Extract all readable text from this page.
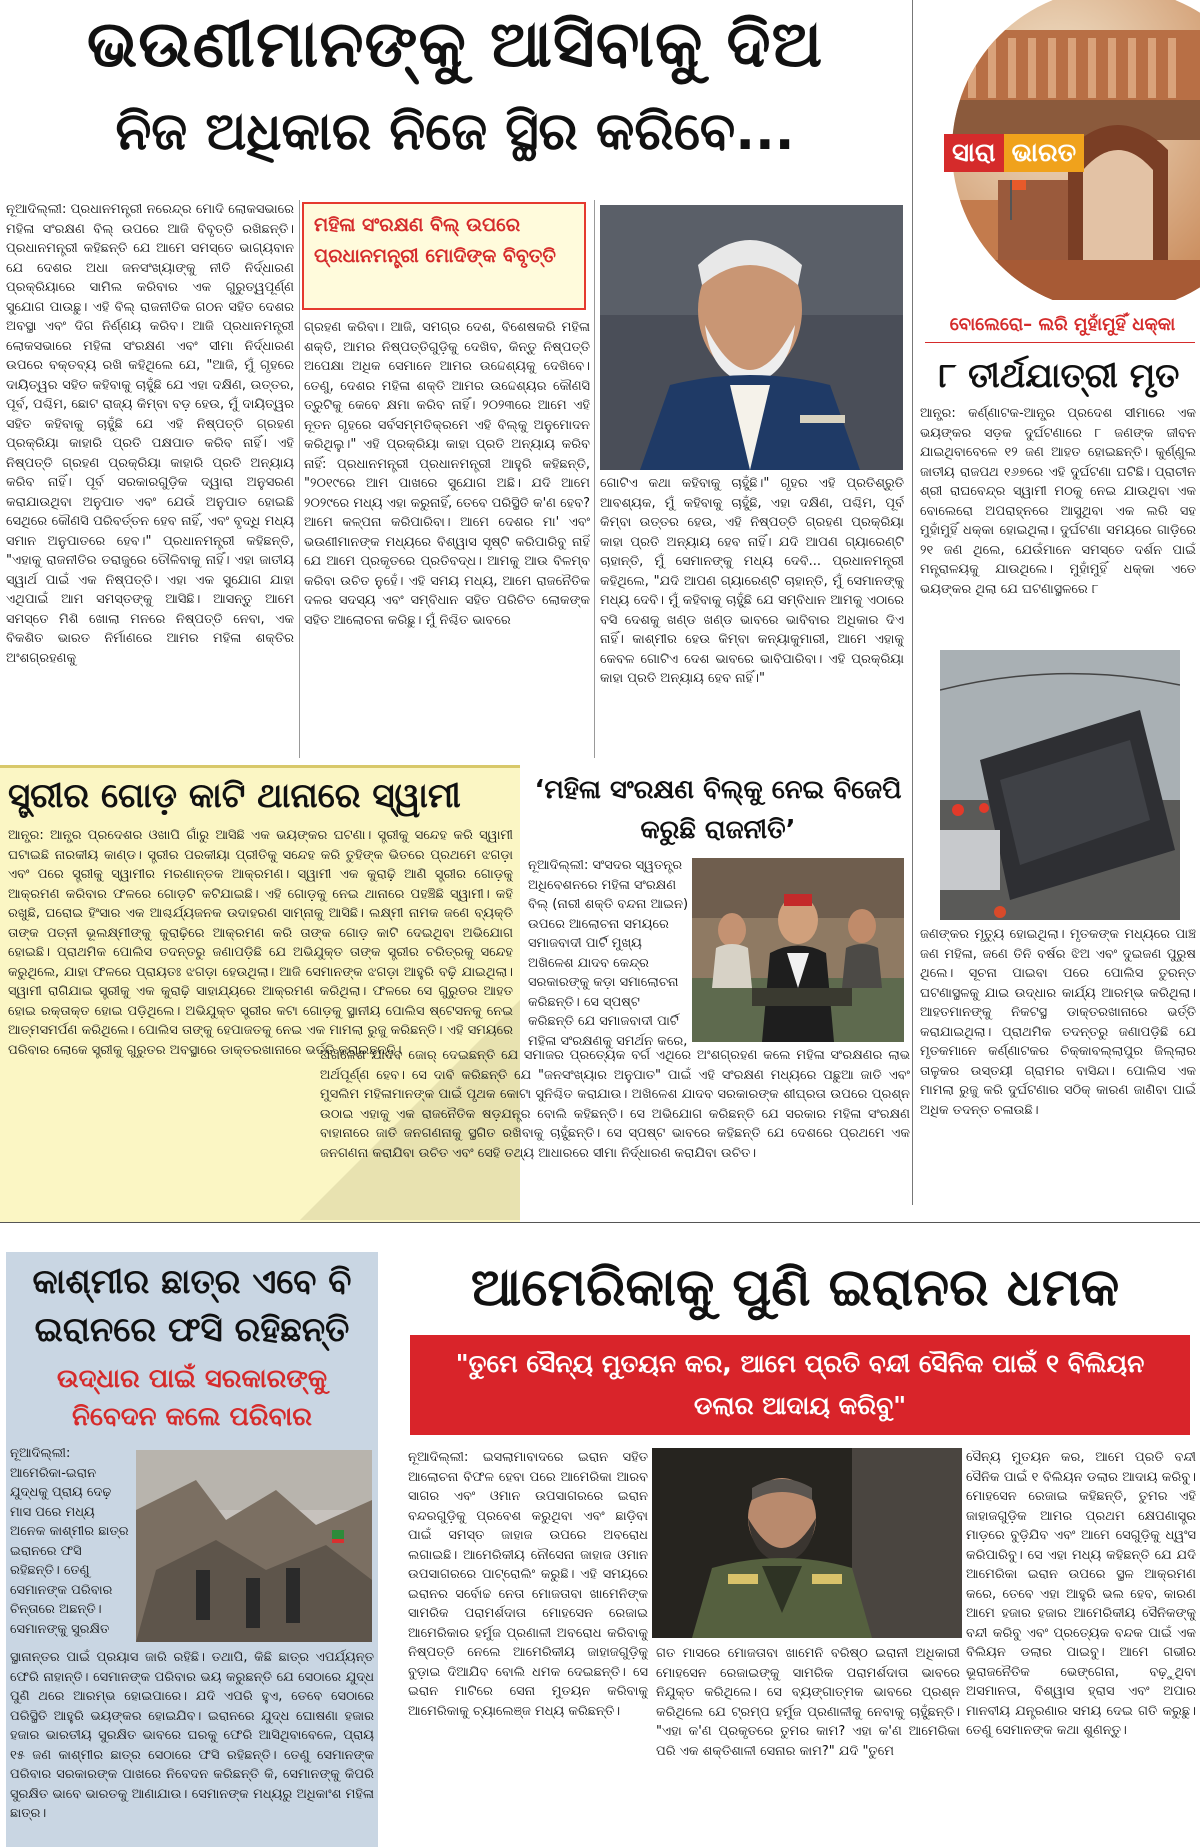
ଭଉଣୀମାନଙ୍କୁ ଆସିବାକୁ ଦିଅ
ନିଜ ଅଧିକାର ନିଜେ ସ୍ଥିର କରିବେ...	ସାରା ଭାରତ
ନୂଆଦିଲ୍ଲୀ: ପ୍ରଧାନମନ୍ତ୍ରୀ ନରେନ୍ଦ୍ର ମୋଦି ଲୋକସଭାରେ ମହିଳା ସଂରକ୍ଷଣ ବିଲ୍ ଉପରେ ଆଜି ବିବୃତ୍ତି ରଖିଛନ୍ତି। ପ୍ରଧାନମନ୍ତ୍ରୀ କହିଛନ୍ତି ଯେ ଆମେ ସମସ୍ତେ ଭାଗ୍ୟବାନ ଯେ ଦେଶର ଅଧା ଜନସଂଖ୍ୟାଙ୍କୁ ନୀତି ନିର୍ଦ୍ଧାରଣ ପ୍ରକ୍ରିୟାରେ ସାମିଲ କରିବାର ଏକ ଗୁରୁତ୍ୱପୂର୍ଣ୍ଣ ସୁଯୋଗ ପାଉଛୁ। ଏହି ବିଲ୍ ରାଜନୀତିକ ଗଠନ ସହିତ ଦେଶର ଅବସ୍ଥା ଏବଂ ଦିଗ ନିର୍ଣ୍ଣୟ କରିବ। ଆଜି ପ୍ରଧାନମନ୍ତ୍ରୀ ଲୋକସଭାରେ ମହିଳା ସଂରକ୍ଷଣ ଏବଂ ସୀମା ନିର୍ଦ୍ଧାରଣ ଉପରେ ବକ୍ତବ୍ୟ ରଖି କହିଥିଲେ ଯେ, "ଆଜି, ମୁଁ ଗୃହରେ ଦାୟିତ୍ୱର ସହିତ କହିବାକୁ ଚାହୁଁଛି ଯେ ଏହା ଦକ୍ଷିଣ, ଉତ୍ତର, ପୂର୍ବ, ପଶ୍ଚିମ, ଛୋଟ ରାଜ୍ୟ କିମ୍ବା ବଡ଼ ହେଉ, ମୁଁ ଦାୟିତ୍ୱର ସହିତ କହିବାକୁ ଚାହୁଁଛି ଯେ ଏହି ନିଷ୍ପତ୍ତି ଗ୍ରହଣ ପ୍ରକ୍ରିୟା କାହାରି ପ୍ରତି ପକ୍ଷପାତ କରିବ ନାହିଁ। ଏହି ନିଷ୍ପତ୍ତି ଗ୍ରହଣ ପ୍ରକ୍ରିୟା କାହାରି ପ୍ରତି ଅନ୍ୟାୟ କରିବ ନାହିଁ। ପୂର୍ବ ସରକାରଗୁଡ଼ିକ ଦ୍ୱାରା ଅନୁସରଣ କରାଯାଉଥିବା ଅନୁପାତ ଏବଂ ଯେଉଁ ଅନୁପାତ ହୋଇଛି ସେଥିରେ କୌଣସି ପରିବର୍ତ୍ତନ ହେବ ନାହିଁ, ଏବଂ ବୃଦ୍ଧି ମଧ୍ୟ ସମାନ ଅନୁପାତରେ ହେବ।" ପ୍ରଧାନମନ୍ତ୍ରୀ କହିଛନ୍ତି, "ଏହାକୁ ରାଜନୀତିର ତରାଜୁରେ ତୌଳିବାକୁ ନାହିଁ। ଏହା ଜାତୀୟ ସ୍ୱାର୍ଥ ପାଇଁ ଏକ ନିଷ୍ପତ୍ତି। ଏହା ଏକ ସୁଯୋଗ ଯାହା ଏଥିପାଇଁ ଆମ ସମସ୍ତଙ୍କୁ ଆସିଛି। ଆସନ୍ତୁ ଆମେ ସମସ୍ତେ ମିଶି ଖୋଲା ମନରେ ନିଷ୍ପତ୍ତି ନେବା, ଏକ ବିକଶିତ ଭାରତ ନିର୍ମାଣରେ ଆମର ମହିଳା ଶକ୍ତିର ଅଂଶଗ୍ରହଣକୁ
ମହିଳା ସଂରକ୍ଷଣ ବିଲ୍ ଉପରେ ପ୍ରଧାନମନ୍ତ୍ରୀ ମୋଦିଙ୍କ ବିବୃତ୍ତି
ଗ୍ରହଣ କରିବା। ଆଜି, ସମଗ୍ର ଦେଶ, ବିଶେଷକରି ମହିଳା ଶକ୍ତି, ଆମର ନିଷ୍ପତ୍ତିଗୁଡ଼ିକୁ ଦେଖିବ, କିନ୍ତୁ ନିଷ୍ପତ୍ତି ଅପେକ୍ଷା ଅଧିକ ସେମାନେ ଆମର ଉଦ୍ଦେଶ୍ୟକୁ ଦେଖିବେ। ତେଣୁ, ଦେଶର ମହିଳା ଶକ୍ତି ଆମର ଉଦ୍ଦେଶ୍ୟର କୌଣସି ତ୍ରୁଟିକୁ କେବେ କ୍ଷମା କରିବ ନାହିଁ। ୨୦୨୩ରେ ଆମେ ଏହି ନୂତନ ଗୃହରେ ସର୍ବସମ୍ମତିକ୍ରମେ ଏହି ବିଲ୍‌କୁ ଅନୁମୋଦନ କରିଥିଲୁ।" ଏହି ପ୍ରକ୍ରିୟା କାହା ପ୍ରତି ଅନ୍ୟାୟ କରିବ ନାହିଁ: ପ୍ରଧାନମନ୍ତ୍ରୀ ପ୍ରଧାନମନ୍ତ୍ରୀ ଆହୁରି କହିଛନ୍ତି, "୨୦୧୯ରେ ଆମ ପାଖରେ ସୁଯୋଗ ଅଛି। ଯଦି ଆମେ ୨୦୨୯ରେ ମଧ୍ୟ ଏହା କରୁନାହିଁ, ତେବେ ପରିସ୍ଥିତି କ'ଣ ହେବ? ଆମେ କଳ୍ପନା କରିପାରିବା। ଆମେ ଦେଶର ମା' ଏବଂ ଭଉଣୀମାନଙ୍କ ମଧ୍ୟରେ ବିଶ୍ୱାସ ସୃଷ୍ଟି କରିପାରିବୁ ନାହିଁ ଯେ ଆମେ ପ୍ରକୃତରେ ପ୍ରତିବଦ୍ଧ। ଆମକୁ ଆଉ ବିଳମ୍ବ କରିବା ଉଚିତ ନୁହେଁ। ଏହି ସମୟ ମଧ୍ୟ, ଆମେ ରାଜନୈତିକ ଦଳର ସଦସ୍ୟ ଏବଂ ସମ୍ବିଧାନ ସହିତ ପରିଚିତ ଲୋକଙ୍କ ସହିତ ଆଲୋଚନା କରିଛୁ। ମୁଁ ନିଶ୍ଚିତ ଭାବରେ
ଗୋଟିଏ କଥା କହିବାକୁ ଚାହୁଁଛି।" ଗୃହର ଏହି ପ୍ରତିଶ୍ରୁତି ଆବଶ୍ୟକ, ମୁଁ କହିବାକୁ ଚାହୁଁଛି, ଏହା ଦକ୍ଷିଣ, ପଶ୍ଚିମ, ପୂର୍ବ କିମ୍ବା ଉତ୍ତର ହେଉ, ଏହି ନିଷ୍ପତ୍ତି ଗ୍ରହଣ ପ୍ରକ୍ରିୟା କାହା ପ୍ରତି ଅନ୍ୟାୟ ହେବ ନାହିଁ। ଯଦି ଆପଣ ଗ୍ୟାରେଣ୍ଟି ଚାହାନ୍ତି, ମୁଁ ସେମାନଙ୍କୁ ମଧ୍ୟ ଦେବି... ପ୍ରଧାନମନ୍ତ୍ରୀ କହିଥିଲେ, "ଯଦି ଆପଣ ଗ୍ୟାରେଣ୍ଟି ଚାହାନ୍ତି, ମୁଁ ସେମାନଙ୍କୁ ମଧ୍ୟ ଦେବି। ମୁଁ କହିବାକୁ ଚାହୁଁଛି ଯେ ସମ୍ବିଧାନ ଆମକୁ ଏଠାରେ ବସି ଦେଶକୁ ଖଣ୍ଡ ଖଣ୍ଡ ଭାବରେ ଭାବିବାର ଅଧିକାର ଦିଏ ନାହିଁ। କାଶ୍ମୀର ହେଉ କିମ୍ବା କନ୍ୟାକୁମାରୀ, ଆମେ ଏହାକୁ କେବଳ ଗୋଟିଏ ଦେଶ ଭାବରେ ଭାବିପାରିବା। ଏହି ପ୍ରକ୍ରିୟା କାହା ପ୍ରତି ଅନ୍ୟାୟ ହେବ ନାହିଁ।"
ବୋଲେରୋ– ଲରି ମୁହାଁମୁହିଁ ଧକ୍କା
୮ ତୀର୍ଥଯାତ୍ରୀ ମୃତ
ଆନ୍ଧ୍ର: କର୍ଣ୍ଣାଟକ-ଆନ୍ଧ୍ର ପ୍ରଦେଶ ସୀମାରେ ଏକ ଭୟଙ୍କର ସଡ଼କ ଦୁର୍ଘଟଣାରେ ୮ ଜଣଙ୍କ ଜୀବନ ଯାଇଥିବାବେଳେ ୧୨ ଜଣ ଆହତ ହୋଇଛନ୍ତି। କୁର୍ଣ୍ଣୁଲ ଜାତୀୟ ରାଜପଥ ୧୬୭ରେ ଏହି ଦୁର୍ଘଟଣା ଘଟିଛି। ପ୍ରାଚୀନ ଶ୍ରୀ ରାଘବେନ୍ଦ୍ର ସ୍ୱାମୀ ମଠକୁ ନେଇ ଯାଉଥିବା ଏକ ବୋଲେରୋ ଅପରାହ୍ନରେ ଆସୁଥିବା ଏକ ଲରି ସହ ମୁହାଁମୁହିଁ ଧକ୍କା ହୋଇଥିଲା। ଦୁର୍ଘଟଣା ସମୟରେ ଗାଡ଼ିରେ ୨୧ ଜଣ ଥିଲେ, ଯେଉଁମାନେ ସମସ୍ତେ ଦର୍ଶନ ପାଇଁ ମନ୍ତ୍ରାଳୟକୁ ଯାଉଥିଲେ। ମୁହାଁମୁହିଁ ଧକ୍କା ଏତେ ଭୟଙ୍କର ଥିଲା ଯେ ଘଟଣାସ୍ଥଳରେ ୮
ଜଣଙ୍କର ମୃତ୍ୟୁ ହୋଇଥିଲା। ମୃତକଙ୍କ ମଧ୍ୟରେ ପାଞ୍ଚ ଜଣ ମହିଳା, ଜଣେ ତିନି ବର୍ଷର ଝିଅ ଏବଂ ଦୁଇଜଣ ପୁରୁଷ ଥିଲେ। ସୂଚନା ପାଇବା ପରେ ପୋଲିସ ତୁରନ୍ତ ଘଟଣାସ୍ଥଳକୁ ଯାଇ ଉଦ୍ଧାର କାର୍ଯ୍ୟ ଆରମ୍ଭ କରିଥିଲା। ଆହତମାନଙ୍କୁ ନିକଟସ୍ଥ ଡାକ୍ତରଖାନାରେ ଭର୍ତ୍ତି କରାଯାଇଥିଲା। ପ୍ରାଥମିକ ତଦନ୍ତରୁ ଜଣାପଡ଼ିଛି ଯେ ମୃତକମାନେ କର୍ଣ୍ଣାଟକର ଚିକ୍କାବଲ୍ଲାପୁର ଜିଲ୍ଲାର ତାଳୁକର ଉସ୍ତୟୀ ଗ୍ରାମର ବାସିନ୍ଦା। ପୋଲିସ ଏକ ମାମଲା ରୁଜୁ କରି ଦୁର୍ଘଟଣାର ସଠିକ୍ କାରଣ ଜାଣିବା ପାଇଁ ଅଧିକ ତଦନ୍ତ ଚଳାଉଛି।
ସ୍ତ୍ରୀର ଗୋଡ଼ କାଟି ଥାନାରେ ସ୍ୱାମୀ
ଆନ୍ଧ୍ର: ଆନ୍ଧ୍ର ପ୍ରଦେଶର ଓଖାପି ଗାଁରୁ ଆସିଛି ଏକ ଭୟଙ୍କର ଘଟଣା। ସ୍ତ୍ରୀକୁ ସନ୍ଦେହ କରି ସ୍ୱାମୀ ଘଟାଇଛି ନାରକୀୟ କାଣ୍ଡ। ସ୍ତ୍ରୀର ପରକୀୟା ପ୍ରୀତିକୁ ସନ୍ଦେହ କରି ତୁହିଙ୍କ ଭିତରେ ପ୍ରଥମେ ଝଗଡ଼ା ଏବଂ ପରେ ସ୍ତ୍ରୀକୁ ସ୍ୱାମୀର ମରଣାନ୍ତକ ଆକ୍ରମଣ। ସ୍ୱାମୀ ଏକ କୁରାଢ଼ି ଆଣି ସ୍ତ୍ରୀର ଗୋଡ଼କୁ ଆକ୍ରମଣ କରିବାର ଫଳରେ ଗୋଡ଼ଟି କଟିଯାଇଛି। ଏହି ଗୋଡ଼କୁ ନେଇ ଥାନାରେ ପହଞ୍ଚିଛି ସ୍ୱାମୀ। କହି ରଖୁଛି, ଘରୋଇ ହିଂସାର ଏକ ଆଶ୍ଚର୍ଯ୍ୟଜନକ ଉଦାହରଣ ସାମ୍ନାକୁ ଆସିଛି। ଲକ୍ଷ୍ମୀ ନାମକ ଜଣେ ବ୍ୟକ୍ତି ତାଙ୍କ ପତ୍ନୀ ଭୂଲକ୍ଷ୍ମୀଙ୍କୁ କୁରାଢ଼ିରେ ଆକ୍ରମଣ କରି ତାଙ୍କ ଗୋଡ଼ କାଟି ଦେଇଥିବା ଅଭିଯୋଗ ହୋଇଛି। ପ୍ରାଥମିକ ପୋଲିସ ତଦନ୍ତରୁ ଜଣାପଡ଼ିଛି ଯେ ଅଭିଯୁକ୍ତ ତାଙ୍କ ସ୍ତ୍ରୀର ଚରିତ୍ରକୁ ସନ୍ଦେହ କରୁଥିଲେ, ଯାହା ଫଳରେ ପ୍ରାୟତଃ ଝଗଡ଼ା ହେଉଥିଲା। ଆଜି ସେମାନଙ୍କ ଝଗଡ଼ା ଆହୁରି ବଢ଼ି ଯାଇଥିଲା। ସ୍ୱାମୀ ରାଗିଯାଇ ସ୍ତ୍ରୀକୁ ଏକ କୁରାଢ଼ି ସାହାଯ୍ୟରେ ଆକ୍ରମଣ କରିଥିଲା। ଫଳରେ ସେ ଗୁରୁତର ଆହତ ହୋଇ ରକ୍ତାକ୍ତ ହୋଇ ପଡ଼ିଥିଲେ। ଅଭିଯୁକ୍ତ ସ୍ତ୍ରୀର କଟା ଗୋଡ଼କୁ ସ୍ଥାନୀୟ ପୋଲିସ ଷ୍ଟେସନକୁ ନେଇ ଆତ୍ମସମର୍ପଣ କରିଥିଲେ। ପୋଲିସ ତାଙ୍କୁ ହେପାଜତକୁ ନେଇ ଏକ ମାମଲା ରୁଜୁ କରିଛନ୍ତି। ଏହି ସମୟରେ ପରିବାର ଲୋକେ ସ୍ତ୍ରୀକୁ ଗୁରୁତର ଅବସ୍ଥାରେ ଡାକ୍ତରଖାନାରେ ଭର୍ତ୍ତି କରାଇଛନ୍ତି।
‘ମହିଳା ସଂରକ୍ଷଣ ବିଲ୍‌କୁ ନେଇ ବିଜେପି କରୁଛି ରାଜନୀତି’
ନୂଆଦିଲ୍ଲୀ: ସଂସଦର ସ୍ୱତନ୍ତ୍ର ଅଧିବେଶନରେ ମହିଳା ସଂରକ୍ଷଣ ବିଲ୍ (ନାରୀ ଶକ୍ତି ବନ୍ଦନା ଆଇନ) ଉପରେ ଆଲୋଚନା ସମୟରେ ସମାଜବାଦୀ ପାର୍ଟି ମୁଖ୍ୟ ଅଖିଳେଶ ଯାଦବ କେନ୍ଦ୍ର ସରକାରଙ୍କୁ କଡ଼ା ସମାଲୋଚନା କରିଛନ୍ତି। ସେ ସ୍ପଷ୍ଟ କରିଛନ୍ତି ଯେ ସମାଜବାଦୀ ପାର୍ଟି ମହିଳା ସଂରକ୍ଷଣକୁ ସମର୍ଥନ କରେ,
ଅଖିଳେଶ ଯାଦବ ଜୋର୍ ଦେଇଛନ୍ତି ଯେ ସମାଜର ପ୍ରତ୍ୟେକ ବର୍ଗ ଏଥିରେ ଅଂଶଗ୍ରହଣ କଲେ ମହିଳା ସଂରକ୍ଷଣର ଲାଭ ଅର୍ଥପୂର୍ଣ୍ଣ ହେବ। ସେ ଦାବି କରିଛନ୍ତି ଯେ "ଜନସଂଖ୍ୟାର ଅନୁପାତ" ପାଇଁ ଏହି ସଂରକ୍ଷଣ ମଧ୍ୟରେ ପଛୁଆ ଜାତି ଏବଂ ମୁସଲିମ ମହିଳାମାନଙ୍କ ପାଇଁ ପୃଥକ କୋଟା ସୁନିଶ୍ଚିତ କରାଯାଉ। ଅଖିଳେଶ ଯାଦବ ସରକାରଙ୍କ ଶୀଘ୍ରତା ଉପରେ ପ୍ରଶ୍ନ ଉଠାଇ ଏହାକୁ ଏକ ରାଜନୈତିକ ଷଡ଼ଯନ୍ତ୍ର ବୋଲି କହିଛନ୍ତି। ସେ ଅଭିଯୋଗ କରିଛନ୍ତି ଯେ ସରକାର ମହିଳା ସଂରକ୍ଷଣ ବାହାନାରେ ଜାତି ଜନଗଣନାକୁ ସ୍ଥଗିତ ରଖିବାକୁ ଚାହୁଁଛନ୍ତି। ସେ ସ୍ପଷ୍ଟ ଭାବରେ କହିଛନ୍ତି ଯେ ଦେଶରେ ପ୍ରଥମେ ଏକ ଜନଗଣନା କରାଯିବା ଉଚିତ ଏବଂ ସେହି ତଥ୍ୟ ଆଧାରରେ ସୀମା ନିର୍ଦ୍ଧାରଣ କରାଯିବା ଉଚିତ।
କାଶ୍ମୀର ଛାତ୍ର ଏବେ ବି
ଇରାନରେ ଫସି ରହିଛନ୍ତି
ଉଦ୍ଧାର ପାଇଁ ସରକାରଙ୍କୁ
ନିବେଦନ କଲେ ପରିବାର
ନୂଆଦିଲ୍ଲୀ: ଆମେରିକା-ଇରାନ ଯୁଦ୍ଧକୁ ପ୍ରାୟ ଦେଢ଼ ମାସ ପରେ ମଧ୍ୟ ଅନେକ କାଶ୍ମୀର ଛାତ୍ର ଇରାନରେ ଫସି ରହିଛନ୍ତି। ତେଣୁ ସେମାନଙ୍କ ପରିବାର ଚିନ୍ତାରେ ଅଛନ୍ତି। ସେମାନଙ୍କୁ ସୁରକ୍ଷିତ
ସ୍ଥାନାନ୍ତର ପାଇଁ ପ୍ରୟାସ ଜାରି ରହିଛି। ତଥାପି, କିଛି ଛାତ୍ର ଏପର୍ଯ୍ୟନ୍ତ ଫେରି ନାହାନ୍ତି। ସେମାନଙ୍କ ପରିବାର ଭୟ କରୁଛନ୍ତି ଯେ ସେଠାରେ ଯୁଦ୍ଧ ପୁଣି ଥରେ ଆରମ୍ଭ ହୋଇପାରେ। ଯଦି ଏପରି ହୁଏ, ତେବେ ସେଠାରେ ପରିସ୍ଥିତି ଆହୁରି ଭୟଙ୍କର ହୋଇଯିବ। ଇରାନରେ ଯୁଦ୍ଧ ଘୋଷଣା ହଜାର ହଜାର ଭାରତୀୟ ସୁରକ୍ଷିତ ଭାବରେ ଘରକୁ ଫେରି ଆସିଥିବାବେଳେ, ପ୍ରାୟ ୧୫ ଜଣ କାଶ୍ମୀର ଛାତ୍ର ସେଠାରେ ଫସି ରହିଛନ୍ତି। ତେଣୁ ସେମାନଙ୍କ ପରିବାର ସରକାରଙ୍କ ପାଖରେ ନିବେଦନ କରିଛନ୍ତି କି, ସେମାନଙ୍କୁ କିପରି ସୁରକ୍ଷିତ ଭାବେ ଭାରତକୁ ଆଣାଯାଉ। ସେମାନଙ୍କ ମଧ୍ୟରୁ ଅଧିକାଂଶ ମହିଳା ଛାତ୍ର।
ଆମେରିକାକୁ ପୁଣି ଇରାନର ଧମକ
"ତୁମେ ସୈନ୍ୟ ମୁତୟନ କର, ଆମେ ପ୍ରତି ବନ୍ଦୀ ସୈନିକ ପାଇଁ ୧ ବିଲିୟନ ଡଲାର ଆଦାୟ କରିବୁ"
ନୂଆଦିଲ୍ଲୀ: ଇସଲାମାବାଦରେ ଇରାନ ସହିତ ଆଲୋଚନା ବିଫଳ ହେବା ପରେ ଆମେରିକା ଆରବ ସାଗର ଏବଂ ଓମାନ ଉପସାଗରରେ ଇରାନ ବନ୍ଦରଗୁଡ଼ିକୁ ପ୍ରବେଶ କରୁଥିବା ଏବଂ ଛାଡ଼ିବା ପାଇଁ ସମସ୍ତ ଜାହାଜ ଉପରେ ଅବରୋଧ ଲଗାଇଛି। ଆମେରିକୀୟ ନୌସେନା ଜାହାଜ ଓମାନ ଉପସାଗରରେ ପାଟ୍ରୋଲିଂ କରୁଛି। ଏହି ସମୟରେ ଇରାନର ସର୍ବୋଚ୍ଚ ନେତା ମୋଜତାବା ଖାମେନିଙ୍କ ସାମରିକ ପରାମର୍ଶଦାତା ମୋହସେନ ରେଜାଇ ଆମେରିକାର ହର୍ମୁଜ ପ୍ରଣାଳୀ ଅବରୋଧ କରିବାକୁ ନିଷ୍ପତ୍ତି ନେଲେ ଆମେରିକୀୟ ଜାହାଜଗୁଡ଼ିକୁ ବୁଡ଼ାଇ ଦିଆଯିବ ବୋଲି ଧମକ ଦେଇଛନ୍ତି। ସେ ଇରାନ ମାଟିରେ ସେନା ମୁତୟନ କରିବାକୁ ଆମେରିକାକୁ ଚ୍ୟାଲେଞ୍ଜ ମଧ୍ୟ କରିଛନ୍ତି।
ଗତ ମାସରେ ମୋଜତାବା ଖାମେନି ବରିଷ୍ଠ ଇରାନୀ ଅଧିକାରୀ ମୋହସେନ ରେଜାଇଙ୍କୁ ସାମରିକ ପରାମର୍ଶଦାତା ଭାବରେ ନିଯୁକ୍ତ କରିଥିଲେ। ସେ ବ୍ୟଙ୍ଗାତ୍ମକ ଭାବରେ ପ୍ରଶ୍ନ କରିଥିଲେ ଯେ ଟ୍ରମ୍ପ ହର୍ମୁଜ ପ୍ରଣାଳୀକୁ ନେବାକୁ ଚାହୁଁଛନ୍ତି। "ଏହା କ'ଣ ପ୍ରକୃତରେ ତୁମର କାମ? ଏହା କ'ଣ ଆମେରିକା ପରି ଏକ ଶକ୍ତିଶାଳୀ ସେନାର କାମ?" ଯଦି "ତୁମେ
ସୈନ୍ୟ ମୁତୟନ କର, ଆମେ ପ୍ରତି ବନ୍ଦୀ ସୈନିକ ପାଇଁ ୧ ବିଲିୟନ ଡଲାର ଆଦାୟ କରିବୁ। ମୋହସେନ ରେଜାଇ କହିଛନ୍ତି, ତୁମର ଏହି ଜାହାଜଗୁଡ଼ିକ ଆମର ପ୍ରଥମ କ୍ଷେପଣାସ୍ତ୍ର ମାଡ଼ରେ ବୁଡ଼ିଯିବ ଏବଂ ଆମେ ସେଗୁଡ଼ିକୁ ଧ୍ୱଂସ କରିପାରିବୁ। ସେ ଏହା ମଧ୍ୟ କହିଛନ୍ତି ଯେ ଯଦି ଆମେରିକା ଇରାନ ଉପରେ ସ୍ଥଳ ଆକ୍ରମଣ କରେ, ତେବେ ଏହା ଆହୁରି ଭଲ ହେବ, କାରଣ ଆମେ ହଜାର ହଜାର ଆମେରିକୀୟ ସୈନିକଙ୍କୁ ବନ୍ଦୀ କରିବୁ ଏବଂ ପ୍ରତ୍ୟେକ ବନ୍ଦକ ପାଇଁ ଏକ ବିଲିୟନ ଡଲାର ପାଇବୁ। ଆମେ ଗଭୀର ଭୂରାଜନୈତିକ ଭେଙ୍ଗେନା, ବଢ଼ୁଥିବା ଅସମାନତା, ବିଶ୍ୱାସ ହ୍ରାସ ଏବଂ ଅପାର ମାନବୀୟ ଯନ୍ତ୍ରଣାର ସମୟ ଦେଇ ଗତି କରୁଛୁ। ତେଣୁ ସେମାନଙ୍କ କଥା ଶୁଣନ୍ତୁ।
